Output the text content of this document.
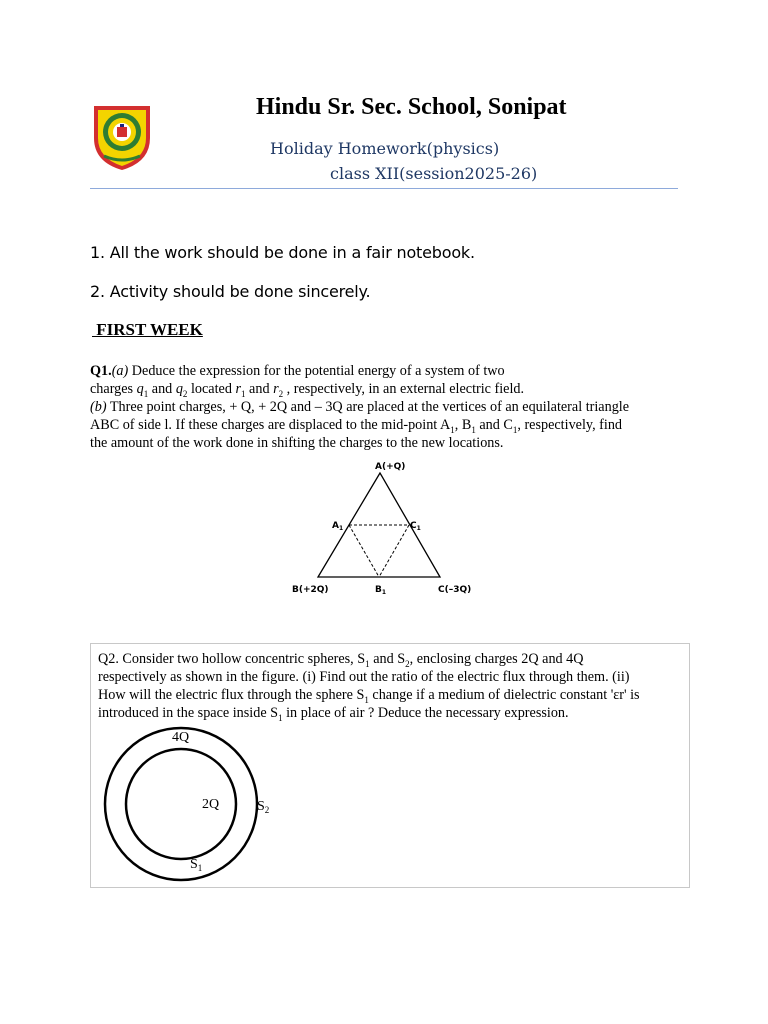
Hindu Sr. Sec. School, Sonipat
Holiday Homework(physics)
class XII(session2025-26)
1. All the work should be done in a fair notebook.
2. Activity should be done sincerely.
FIRST WEEK

Q1.(a) Deduce the expression for the potential energy of a system of two

charges $q_1$ and $q_2$ located $r_1$ and $r_2$ , respectively, in an external electric field.

(b) Three point charges, + Q, + 2Q and – 3Q are placed at the vertices of an equilateral triangle

ABC of side l. If these charges are displaced to the mid-point $A_1$, $B_1$ and $C_1$, respectively, find

the amount of the work done in shifting the charges to the new locations.

A(+Q)
B(+2Q)	C(–3Q)
$A_1$	$C_1$
$B_1$

Q2. Consider two hollow concentric spheres, $S_1$ and $S_2$, enclosing charges 2Q and 4Q

respectively as shown in the figure. (i) Find out the ratio of the electric flux through them. (ii)

How will the electric flux through the sphere $S_1$ change if a medium of dielectric constant 'εr' is

introduced in the space inside $S_1$ in place of air ? Deduce the necessary expression.

4Q
2Q	$S_2$
$S_1$
